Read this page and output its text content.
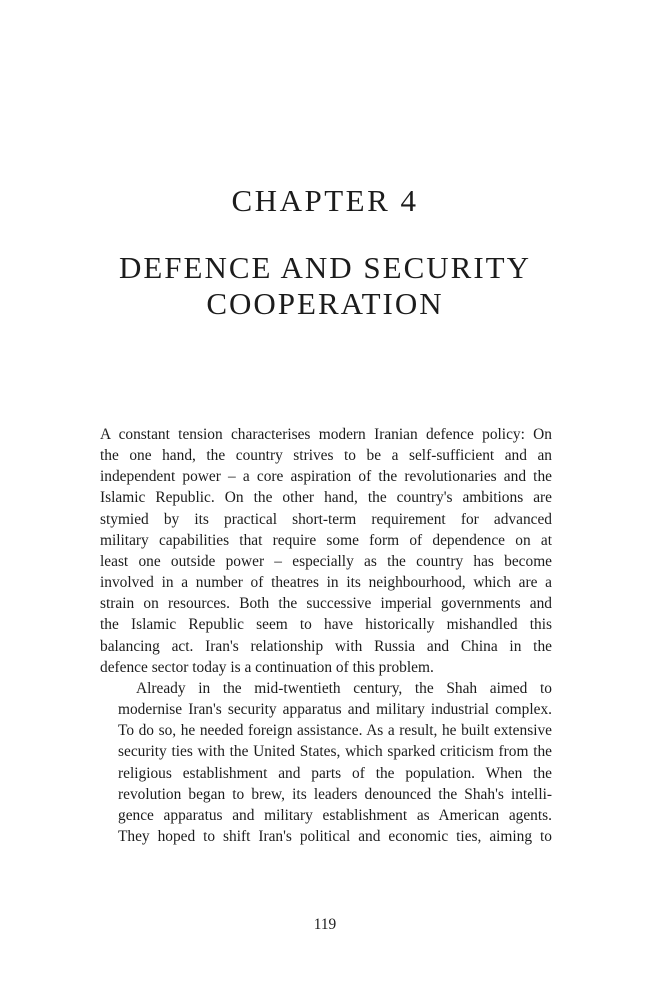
CHAPTER 4
DEFENCE AND SECURITY
COOPERATION
A constant tension characterises modern Iranian defence policy: On
the one hand, the country strives to be a self-sufficient and an
independent power – a core aspiration of the revolutionaries and the
Islamic Republic. On the other hand, the country's ambitions are
stymied by its practical short-term requirement for advanced
military capabilities that require some form of dependence on at
least one outside power – especially as the country has become
involved in a number of theatres in its neighbourhood, which are a
strain on resources. Both the successive imperial governments and
the Islamic Republic seem to have historically mishandled this
balancing act. Iran's relationship with Russia and China in the
defence sector today is a continuation of this problem.
Already in the mid-twentieth century, the Shah aimed to
modernise Iran's security apparatus and military industrial complex.
To do so, he needed foreign assistance. As a result, he built extensive
security ties with the United States, which sparked criticism from the
religious establishment and parts of the population. When the
revolution began to brew, its leaders denounced the Shah's intelli-
gence apparatus and military establishment as American agents.
They hoped to shift Iran's political and economic ties, aiming to
119
